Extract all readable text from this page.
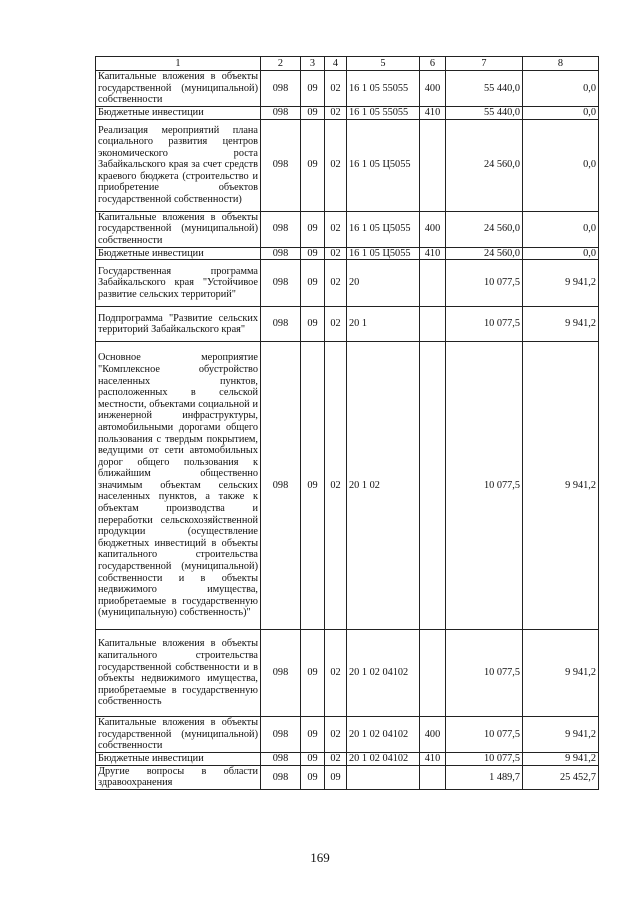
1	2	3	4	5	6	7	8
Капитальные вложения в объекты государственной (муниципальной) собственности	098	09	02	16 1 05 55055	400	55 440,0	0,0
Бюджетные инвестиции	098	09	02	16 1 05 55055	410	55 440,0	0,0
Реализация мероприятий плана социального развития центров экономического роста Забайкальского края за счет средств краевого бюджета (строительство и приобретение объектов государственной собственности)	098	09	02	16 1 05 Ц5055		24 560,0	0,0
Капитальные вложения в объекты государственной (муниципальной) собственности	098	09	02	16 1 05 Ц5055	400	24 560,0	0,0
Бюджетные инвестиции	098	09	02	16 1 05 Ц5055	410	24 560,0	0,0
Государственная программа Забайкальского края "Устойчивое развитие сельских территорий"	098	09	02	20		10 077,5	9 941,2
Подпрограмма "Развитие сельских территорий Забайкальского края"	098	09	02	20 1		10 077,5	9 941,2
Основное мероприятие "Комплексное обустройство населенных пунктов, расположенных в сельской местности, объектами социальной и инженерной инфраструктуры, автомобильными дорогами общего пользования с твердым покрытием, ведущими от сети автомобильных дорог общего пользования к ближайшим общественно значимым объектам сельских населенных пунктов, а также к объектам производства и переработки сельскохозяйственной продукции (осуществление бюджетных инвестиций в объекты капитального строительства государственной (муниципальной) собственности и в объекты недвижимого имущества, приобретаемые в государственную (муниципальную) собственность)"	098	09	02	20 1 02		10 077,5	9 941,2
Капитальные вложения в объекты капитального строительства государственной собственности и в объекты недвижимого имущества, приобретаемые в государственную собственность	098	09	02	20 1 02 04102		10 077,5	9 941,2
Капитальные вложения в объекты государственной (муниципальной) собственности	098	09	02	20 1 02 04102	400	10 077,5	9 941,2
Бюджетные инвестиции	098	09	02	20 1 02 04102	410	10 077,5	9 941,2
Другие вопросы в области здравоохранения	098	09	09			1 489,7	25 452,7
169
